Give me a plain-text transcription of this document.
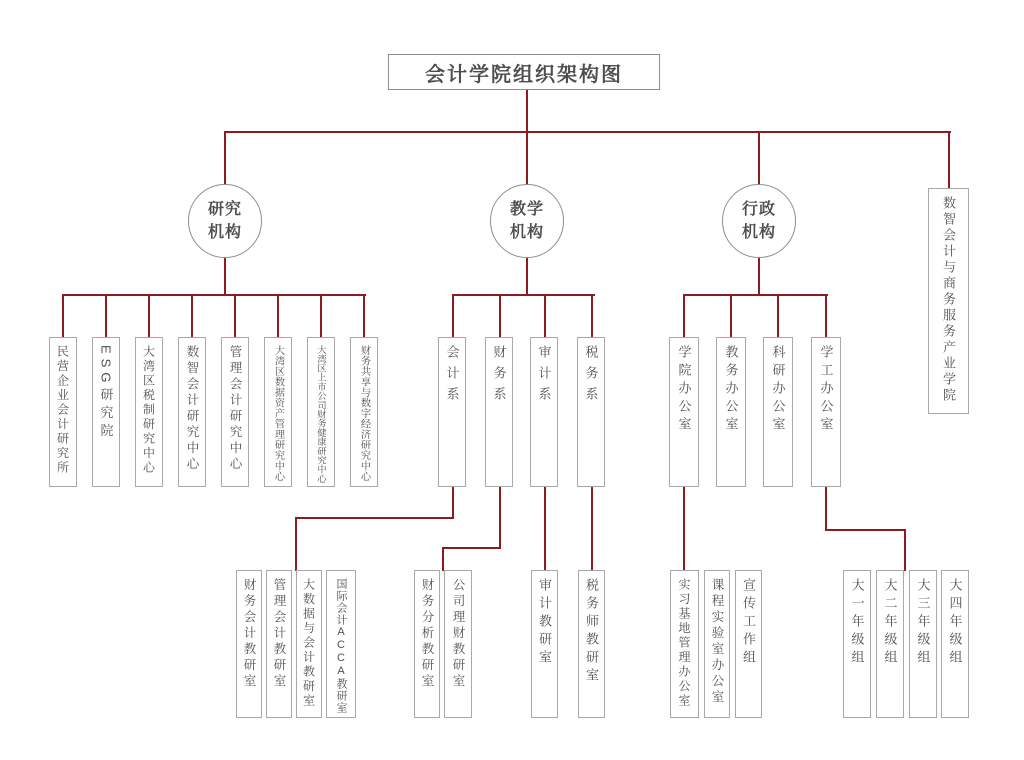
会计学院组织架构图
研究
机构
教学
机构
行政
机构	数智会计与商务服务产业学院
民营企业会计研究所 ESG研究院 大湾区税制研究中心 数智会计研究中心 管理会计研究中心	大湾区数据资产管理研究中心	大湾区上市公司财务健康研究中心	财务共享与数字经济研究中心	会计系 财务系 审计系 税务系	学院办公室 教务办公室 科研办公室	学工办公室
财务会计教研室 管理会计教研室 大数据与会计教研室 国际会计ACCA教研室	财务分析教研室 公司理财教研室	审计教研室 税务师教研室	实习基地管理办公室 课程实验室办公室 宣传工作组	大一年级组 大二年级组 大三年级组 大四年级组
